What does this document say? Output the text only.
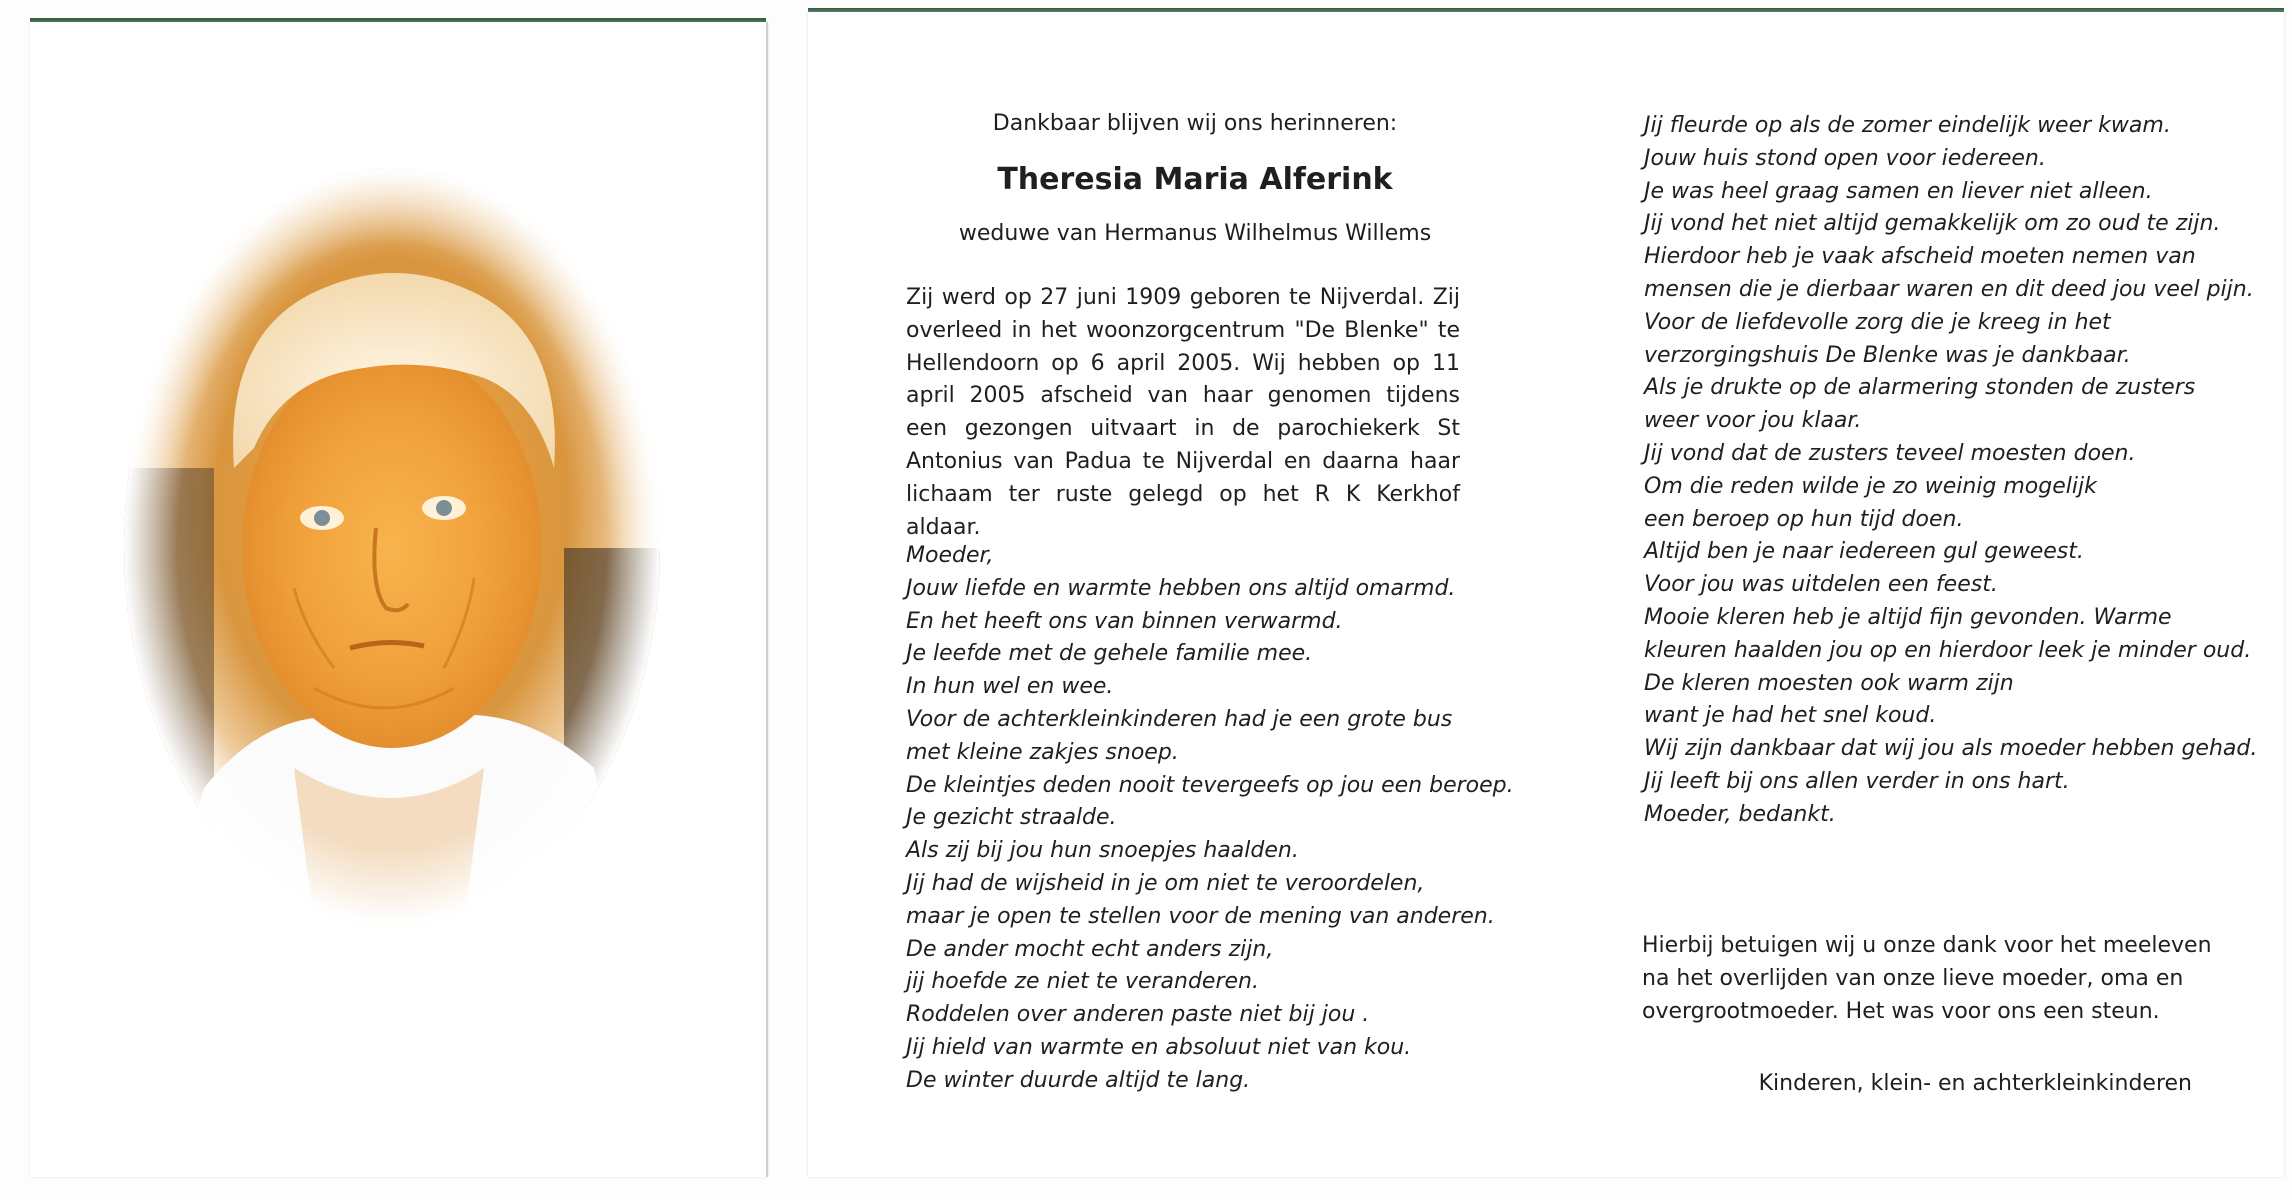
Dankbaar blijven wij ons herinneren:
Theresia Maria Alferink
weduwe van Hermanus Wilhelmus Willems

Zij werd op 27 juni 1909 geboren te Nijverdal. Zij overleed in het woonzorgcentrum "De Blenke" te Hellendoorn op 6 april 2005. Wij hebben op 11 april 2005 afscheid van haar genomen tijdens een gezongen uitvaart in de parochiekerk St Antonius van Padua te Nijverdal en daarna haar lichaam ter ruste gelegd op het R K Kerkhof aldaar.

Moeder,
Jouw liefde en warmte hebben ons altijd omarmd.
En het heeft ons van binnen verwarmd.
Je leefde met de gehele familie mee.
In hun wel en wee.
Voor de achterkleinkinderen had je een grote bus
met kleine zakjes snoep.
De kleintjes deden nooit tevergeefs op jou een beroep.
Je gezicht straalde.
Als zij bij jou hun snoepjes haalden.
Jij had de wijsheid in je om niet te veroordelen,
maar je open te stellen voor de mening van anderen.
De ander mocht echt anders zijn,
jij hoefde ze niet te veranderen.
Roddelen over anderen paste niet bij jou .
Jij hield van warmte en absoluut niet van kou.
De winter duurde altijd te lang.
Jij fleurde op als de zomer eindelijk weer kwam.
Jouw huis stond open voor iedereen.
Je was heel graag samen en liever niet alleen.
Jij vond het niet altijd gemakkelijk om zo oud te zijn.
Hierdoor heb je vaak afscheid moeten nemen van
mensen die je dierbaar waren en dit deed jou veel pijn.
Voor de liefdevolle zorg die je kreeg in het
verzorgingshuis De Blenke was je dankbaar.
Als je drukte op de alarmering stonden de zusters
weer voor jou klaar.
Jij vond dat de zusters teveel moesten doen.
Om die reden wilde je zo weinig mogelijk
een beroep op hun tijd doen.
Altijd ben je naar iedereen gul geweest.
Voor jou was uitdelen een feest.
Mooie kleren heb je altijd fijn gevonden. Warme
kleuren haalden jou op en hierdoor leek je minder oud.
De kleren moesten ook warm zijn
want je had het snel koud.
Wij zijn dankbaar dat wij jou als moeder hebben gehad.
Jij leeft bij ons allen verder in ons hart.
Moeder, bedankt.
Hierbij betuigen wij u onze dank voor het meeleven
na het overlijden van onze lieve moeder, oma en
overgrootmoeder. Het was voor ons een steun.
Kinderen, klein- en achterkleinkinderen
